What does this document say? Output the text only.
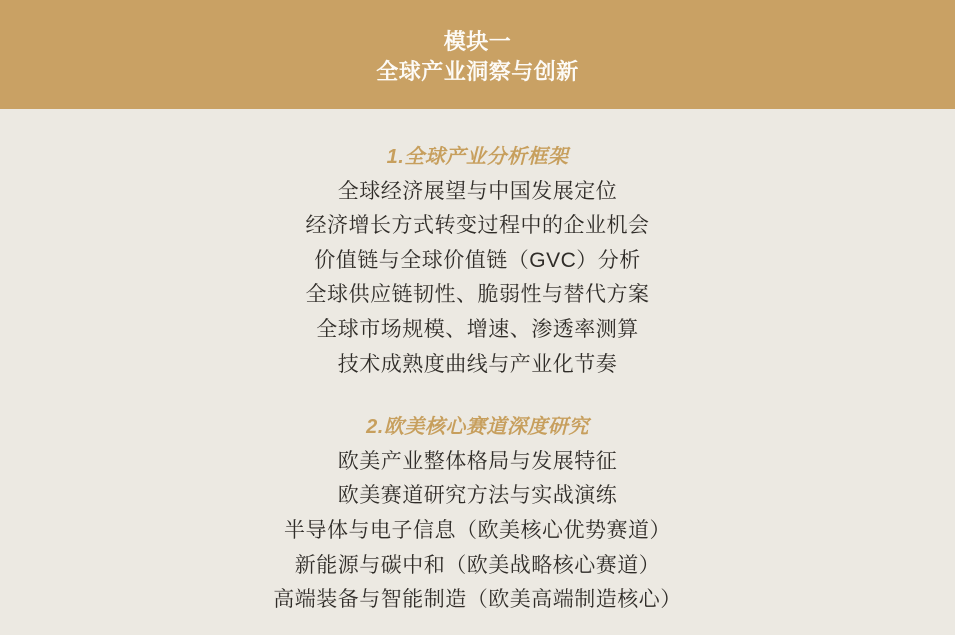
模块一
全球产业洞察与创新
1.全球产业分析框架
全球经济展望与中国发展定位
经济增长方式转变过程中的企业机会
价值链与全球价值链（GVC）分析
全球供应链韧性、脆弱性与替代方案
全球市场规模、增速、渗透率测算
技术成熟度曲线与产业化节奏
2.欧美核心赛道深度研究
欧美产业整体格局与发展特征
欧美赛道研究方法与实战演练
半导体与电子信息（欧美核心优势赛道）
新能源与碳中和（欧美战略核心赛道）
高端装备与智能制造（欧美高端制造核心）
